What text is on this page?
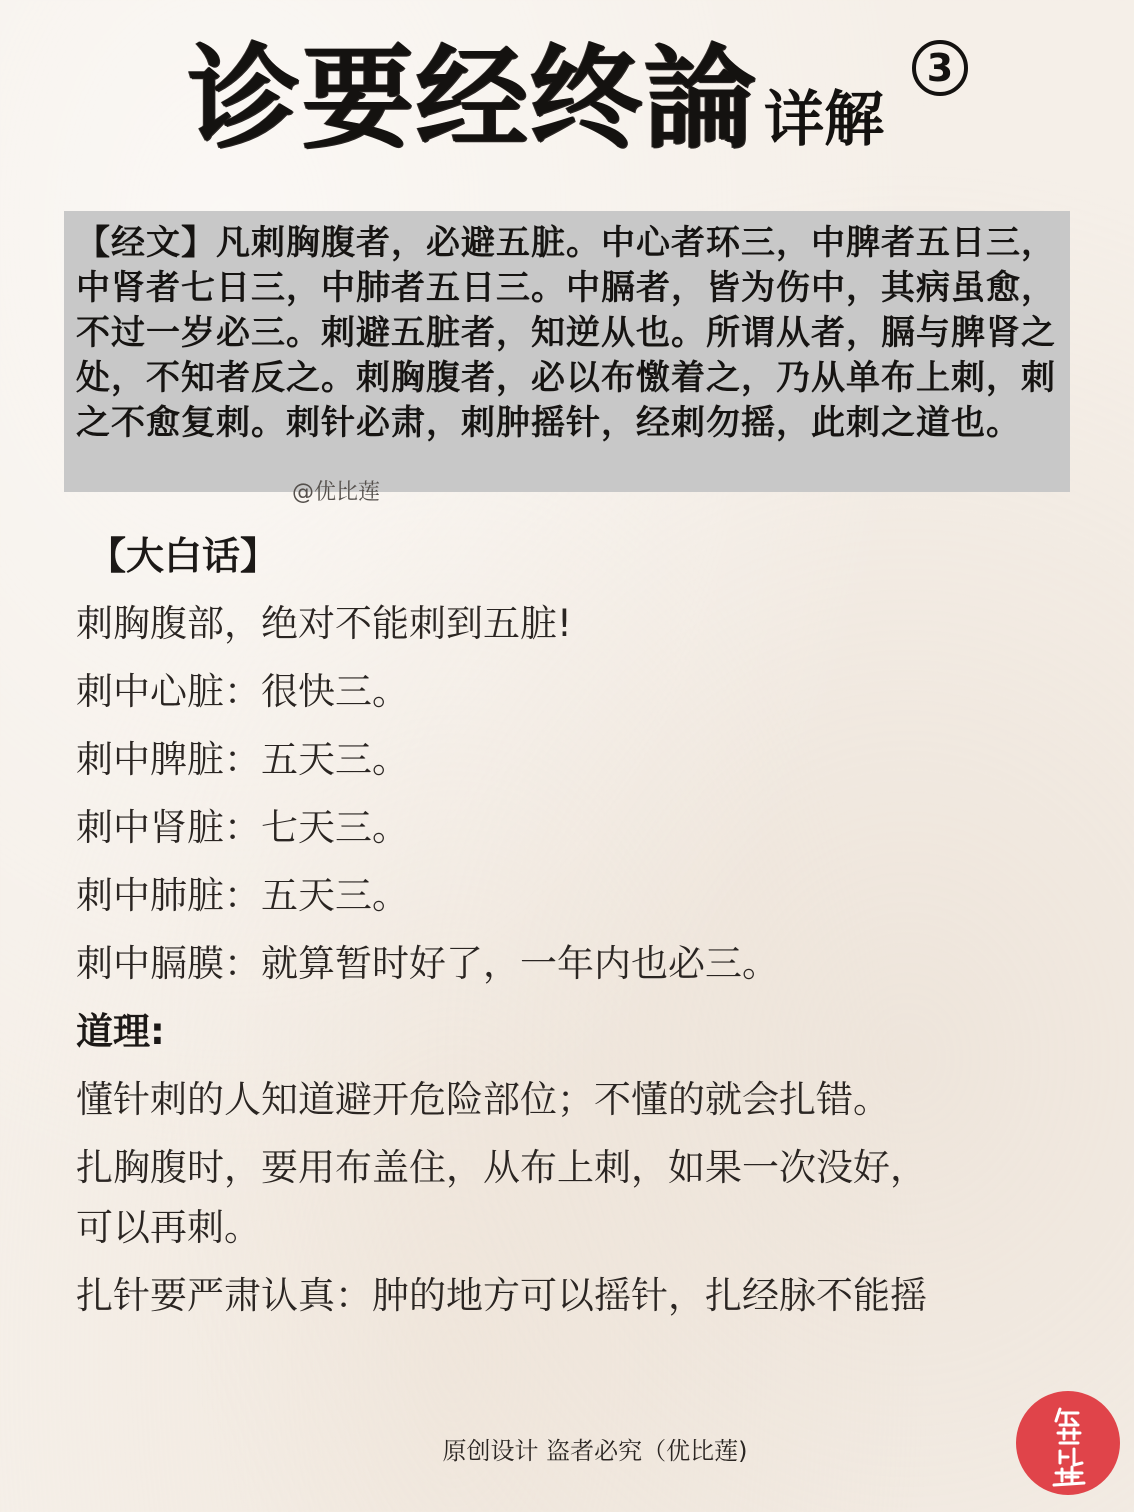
诊要经终論 详解
3

【经文】凡刺胸腹者，必避五脏。中心者环三，中脾者五日三，中肾者七日三，中肺者五日三。中膈者，皆为伤中，其病虽愈，不过一岁必三。刺避五脏者，知逆从也。所谓从者，膈与脾肾之处，不知者反之。刺胸腹者，必以布憿着之，乃从单布上刺，刺之不愈复刺。刺针必肃，刺肿摇针，经刺勿摇，此刺之道也。

@优比莲
【大白话】
刺胸腹部，绝对不能刺到五脏!
刺中心脏：很快三。
刺中脾脏：五天三。
刺中肾脏：七天三。
刺中肺脏：五天三。
刺中膈膜：就算暂时好了，一年内也必三。
道理:
懂针刺的人知道避开危险部位；不懂的就会扎错。
扎胸腹时，要用布盖住，从布上刺，如果一次没好，
可以再刺。
扎针要严肃认真：肿的地方可以摇针，扎经脉不能摇
原创设计 盗者必究（优比莲)
